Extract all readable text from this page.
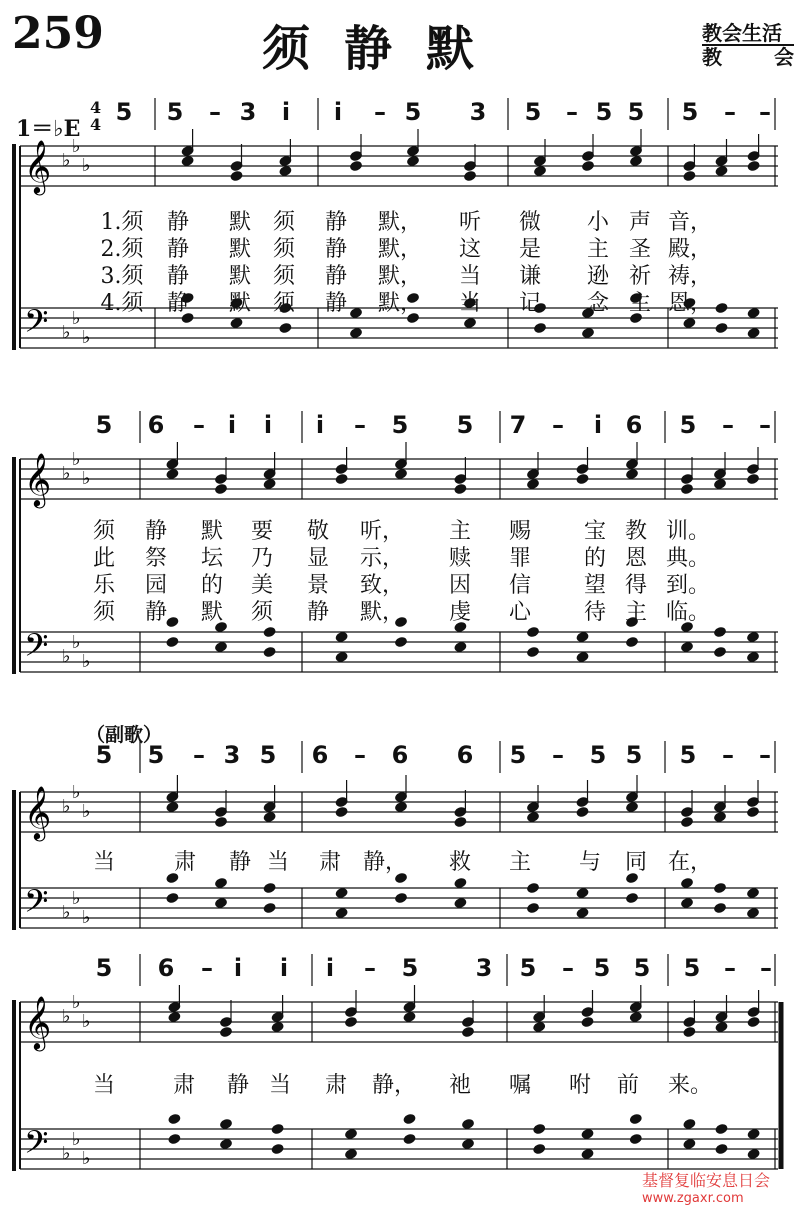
259	须静默	教会生活
教	会
1＝♭E
4
4
（副歌）
𝄞
𝄢
♭
♭
♭
♭
♭
♭
𝄞
𝄢
♭
♭
♭
♭
♭
♭
𝄞
𝄢
♭
♭
♭
♭
♭
♭
𝄞
𝄢
♭
♭
♭
♭
♭
♭
5 5 – 3 i i – 5 3 5 – 5 5 5 – –
5 6 – i i i – 5 5 7 – i 6 5 – –
5 5 – 3 5 6 – 6 6 5 – 5 5 5 – –
5 6 – i i i – 5 3 5 – 5 5 5 – –
1.须 静 默 须 静 默， 听 微 小 声 音，
2.须 静 默 须 静 默， 这 是 主 圣 殿，
3.须 静 默 须 静 默， 当 谦 逊 祈 祷，
4.须 静 默 须 静 默， 当 记 念 主 恩，
须 静 默 要 敬 听， 主 赐 宝 教 训。
此 祭 坛 乃 显 示， 赎 罪 的 恩 典。
乐 园 的 美 景 致， 因 信 望 得 到。
须 静 默 须 静 默， 虔 心 待 主 临。
当	肃 静 当 肃 静， 救 主 与 同 在，
当	肃 静 当 肃 静， 祂 嘱 咐 前 来。
基督复临安息日会
www.zgaxr.com
